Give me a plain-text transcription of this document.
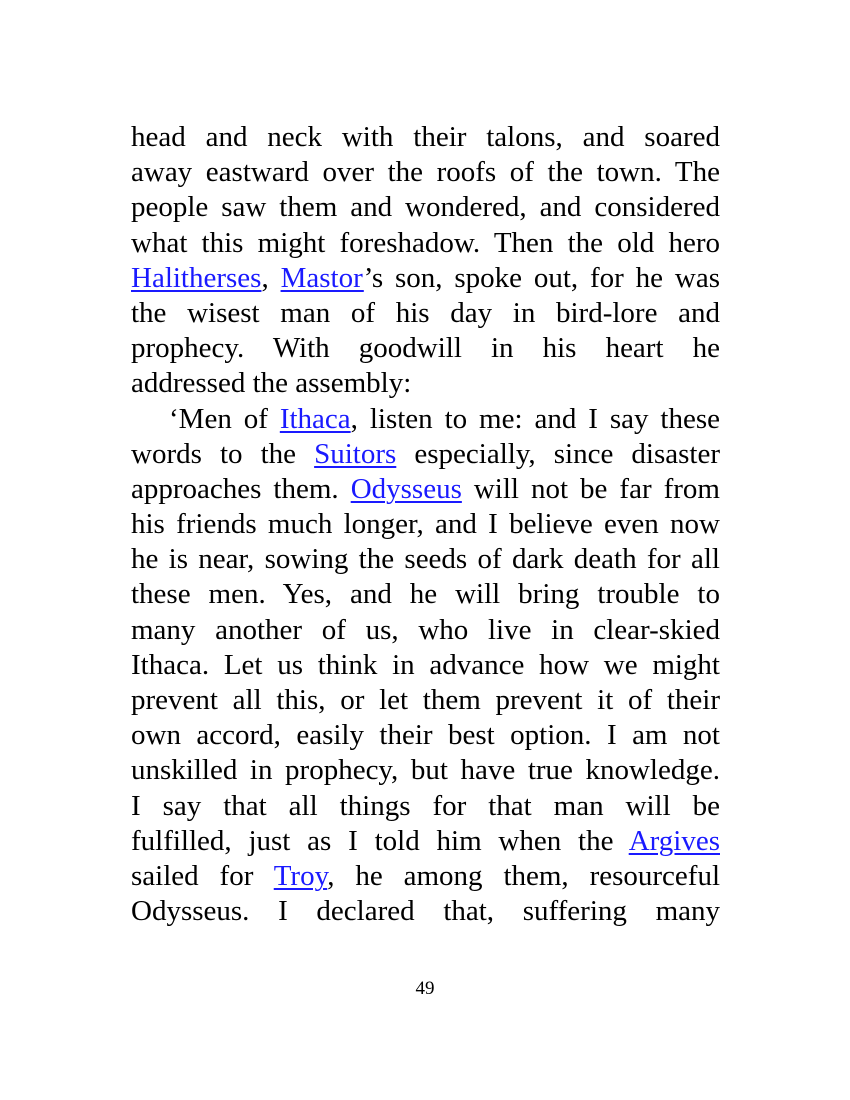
head and neck with their talons, and soared
away eastward over the roofs of the town. The
people saw them and wondered, and considered
what this might foreshadow. Then the old hero
Halitherses, Mastor’s son, spoke out, for he was
the wisest man of his day in bird-lore and
prophecy. With goodwill in his heart he
addressed the assembly:
‘Men of Ithaca, listen to me: and I say these
words to the Suitors especially, since disaster
approaches them. Odysseus will not be far from
his friends much longer, and I believe even now
he is near, sowing the seeds of dark death for all
these men. Yes, and he will bring trouble to
many another of us, who live in clear-skied
Ithaca. Let us think in advance how we might
prevent all this, or let them prevent it of their
own accord, easily their best option. I am not
unskilled in prophecy, but have true knowledge.
I say that all things for that man will be
fulfilled, just as I told him when the Argives
sailed for Troy, he among them, resourceful
Odysseus. I declared that, suffering many
49
